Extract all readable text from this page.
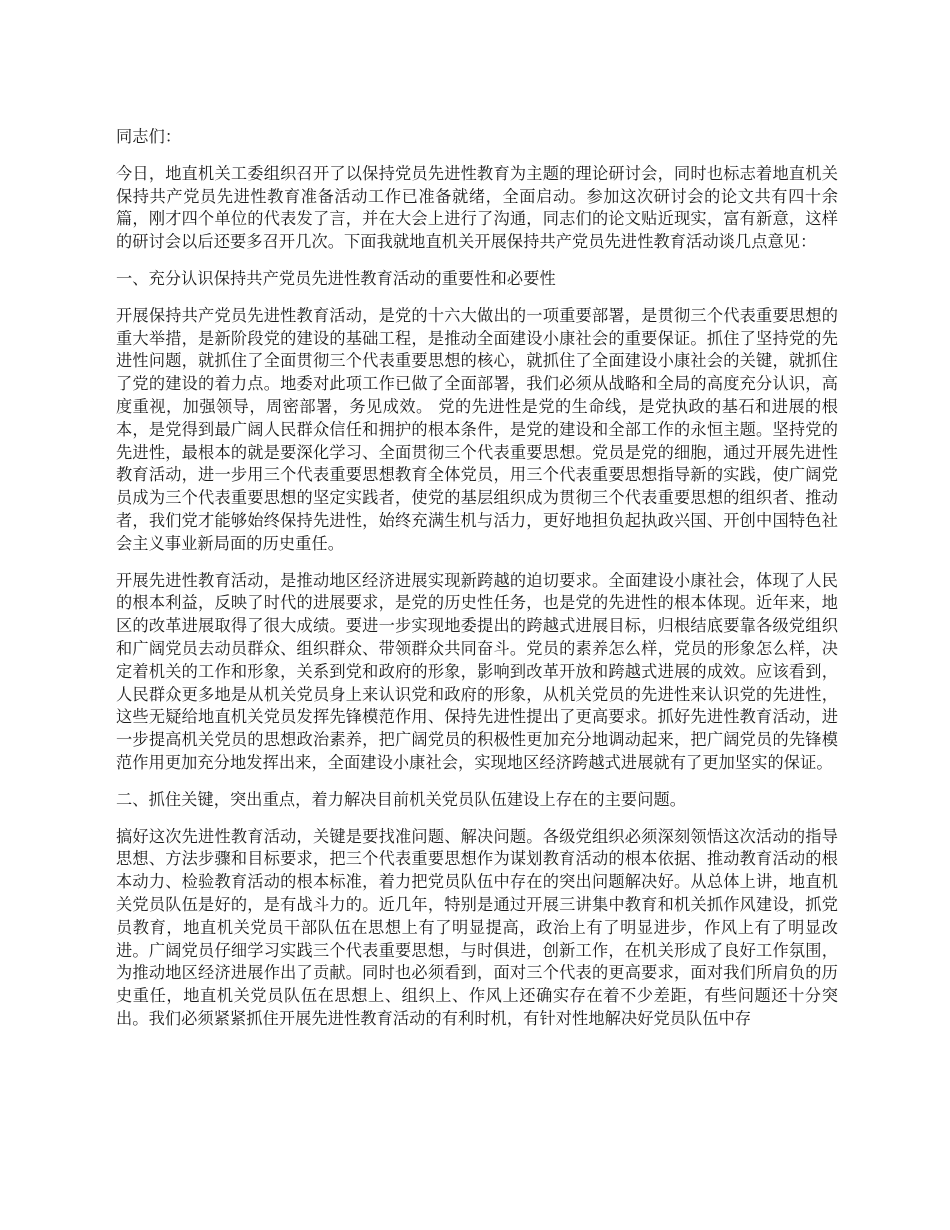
同志们：

今日，地直机关工委组织召开了以保持党员先进性教育为主题的理论研讨会，同时也标志着地直机关保持共产党员先进性教育准备活动工作已准备就绪，全面启动。参加这次研讨会的论文共有四十余篇，刚才四个单位的代表发了言，并在大会上进行了沟通，同志们的论文贴近现实，富有新意，这样的研讨会以后还要多召开几次。下面我就地直机关开展保持共产党员先进性教育活动谈几点意见：

一、充分认识保持共产党员先进性教育活动的重要性和必要性

开展保持共产党员先进性教育活动，是党的十六大做出的一项重要部署，是贯彻三个代表重要思想的重大举措，是新阶段党的建设的基础工程，是推动全面建设小康社会的重要保证。抓住了坚持党的先进性问题，就抓住了全面贯彻三个代表重要思想的核心，就抓住了全面建设小康社会的关键，就抓住了党的建设的着力点。地委对此项工作已做了全面部署，我们必须从战略和全局的高度充分认识，高度重视，加强领导，周密部署，务见成效。 党的先进性是党的生命线，是党执政的基石和进展的根本，是党得到最广阔人民群众信任和拥护的根本条件，是党的建设和全部工作的永恒主题。坚持党的先进性，最根本的就是要深化学习、全面贯彻三个代表重要思想。党员是党的细胞，通过开展先进性教育活动，进一步用三个代表重要思想教育全体党员，用三个代表重要思想指导新的实践，使广阔党员成为三个代表重要思想的坚定实践者，使党的基层组织成为贯彻三个代表重要思想的组织者、推动者，我们党才能够始终保持先进性，始终充满生机与活力，更好地担负起执政兴国、开创中国特色社会主义事业新局面的历史重任。

开展先进性教育活动，是推动地区经济进展实现新跨越的迫切要求。全面建设小康社会，体现了人民的根本利益，反映了时代的进展要求，是党的历史性任务，也是党的先进性的根本体现。近年来，地区的改革进展取得了很大成绩。要进一步实现地委提出的跨越式进展目标，归根结底要靠各级党组织和广阔党员去动员群众、组织群众、带领群众共同奋斗。党员的素养怎么样，党员的形象怎么样，决定着机关的工作和形象，关系到党和政府的形象，影响到改革开放和跨越式进展的成效。应该看到，人民群众更多地是从机关党员身上来认识党和政府的形象，从机关党员的先进性来认识党的先进性，这些无疑给地直机关党员发挥先锋模范作用、保持先进性提出了更高要求。抓好先进性教育活动，进一步提高机关党员的思想政治素养，把广阔党员的积极性更加充分地调动起来，把广阔党员的先锋模范作用更加充分地发挥出来，全面建设小康社会，实现地区经济跨越式进展就有了更加坚实的保证。

二、抓住关键，突出重点，着力解决目前机关党员队伍建设上存在的主要问题。

搞好这次先进性教育活动，关键是要找准问题、解决问题。各级党组织必须深刻领悟这次活动的指导思想、方法步骤和目标要求，把三个代表重要思想作为谋划教育活动的根本依据、推动教育活动的根本动力、检验教育活动的根本标准，着力把党员队伍中存在的突出问题解决好。从总体上讲，地直机关党员队伍是好的，是有战斗力的。近几年，特别是通过开展三讲集中教育和机关抓作风建设，抓党员教育，地直机关党员干部队伍在思想上有了明显提高，政治上有了明显进步，作风上有了明显改进。广阔党员仔细学习实践三个代表重要思想，与时俱进，创新工作，在机关形成了良好工作氛围，为推动地区经济进展作出了贡献。同时也必须看到，面对三个代表的更高要求，面对我们所肩负的历史重任，地直机关党员队伍在思想上、组织上、作风上还确实存在着不少差距，有些问题还十分突出。我们必须紧紧抓住开展先进性教育活动的有利时机，有针对性地解决好党员队伍中存
